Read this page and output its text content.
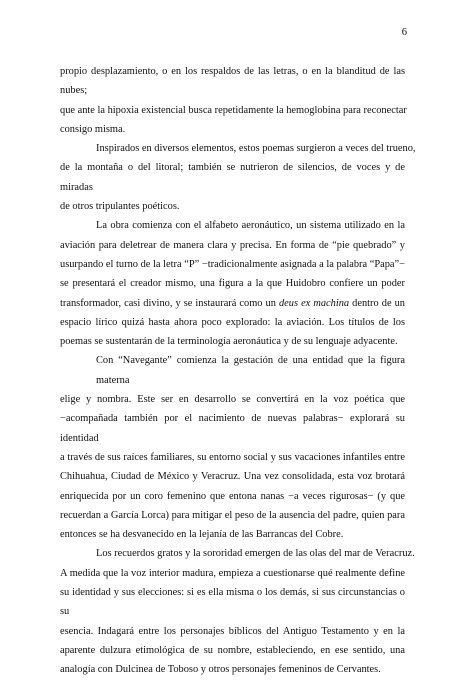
6

propio desplazamiento, o en los respaldos de las letras, o en la blanditud de las nubes;
que ante la hipoxia existencial busca repetidamente la hemoglobina para reconectar
consigo misma.

Inspirados en diversos elementos, estos poemas surgieron a veces del trueno,
de la montaña o del litoral; también se nutrieron de silencios, de voces y de miradas
de otros tripulantes poéticos.

La obra comienza con el alfabeto aeronáutico, un sistema utilizado en la
aviación para deletrear de manera clara y precisa. En forma de “pie quebrado” y
usurpando el turno de la letra “P” −tradicionalmente asignada a la palabra “Papa”−
se presentará el creador mismo, una figura a la que Huidobro confiere un poder
transformador, casi divino, y se instaurará como un deus ex machina dentro de un
espacio lírico quizá hasta ahora poco explorado: la aviación. Los títulos de los
poemas se sustentarán de la terminología aeronáutica y de su lenguaje adyacente.

Con “Navegante” comienza la gestación de una entidad que la figura materna
elige y nombra. Este ser en desarrollo se convertirá en la voz poética que
−acompañada también por el nacimiento de nuevas palabras− explorará su identidad
a través de sus raíces familiares, su entorno social y sus vacaciones infantiles entre
Chihuahua, Ciudad de México y Veracruz. Una vez consolidada, esta voz brotará
enriquecida por un coro femenino que entona nanas −a veces rigurosas− (y que
recuerdan a García Lorca) para mitigar el peso de la ausencia del padre, quien para
entonces se ha desvanecido en la lejanía de las Barrancas del Cobre.

Los recuerdos gratos y la sororidad emergen de las olas del mar de Veracruz.
A medida que la voz interior madura, empieza a cuestionarse qué realmente define
su identidad y sus elecciones: si es ella misma o los demás, si sus circunstancias o su
esencia. Indagará entre los personajes bíblicos del Antiguo Testamento y en la
aparente dulzura etimológica de su nombre, estableciendo, en ese sentido, una
analogía con Dulcinea de Toboso y otros personajes femeninos de Cervantes.
